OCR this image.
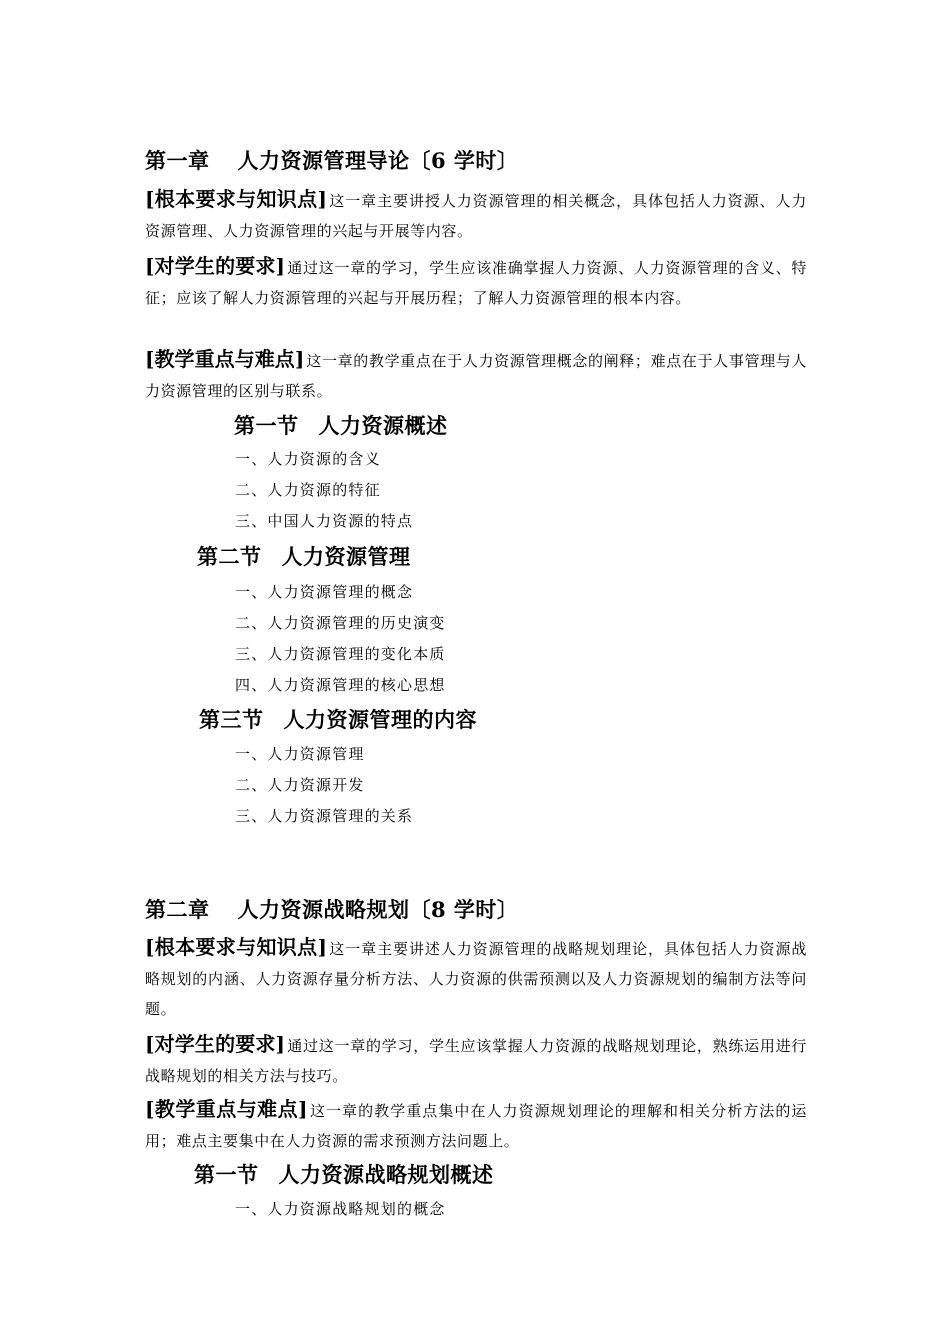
第一章 人力资源管理导论〔6 学时〕
[根本要求与知识点] 这一章主要讲授人力资源管理的相关概念，具体包括人力资源、人力资源管理、人力资源管理的兴起与开展等内容。
[对学生的要求] 通过这一章的学习，学生应该准确掌握人力资源、人力资源管理的含义、特征；应该了解人力资源管理的兴起与开展历程；了解人力资源管理的根本内容。
[教学重点与难点] 这一章的教学重点在于人力资源管理概念的阐释；难点在于人事管理与人力资源管理的区别与联系。
第一节 人力资源概述
一、人力资源的含义
二、人力资源的特征
三、中国人力资源的特点
第二节 人力资源管理
一、人力资源管理的概念
二、人力资源管理的历史演变
三、人力资源管理的变化本质
四、人力资源管理的核心思想
第三节 人力资源管理的内容
一、人力资源管理
二、人力资源开发
三、人力资源管理的关系
第二章 人力资源战略规划〔8 学时〕
[根本要求与知识点] 这一章主要讲述人力资源管理的战略规划理论，具体包括人力资源战略规划的内涵、人力资源存量分析方法、人力资源的供需预测以及人力资源规划的编制方法等问题。
[对学生的要求] 通过这一章的学习，学生应该掌握人力资源的战略规划理论，熟练运用进行战略规划的相关方法与技巧。
[教学重点与难点] 这一章的教学重点集中在人力资源规划理论的理解和相关分析方法的运用；难点主要集中在人力资源的需求预测方法问题上。
第一节 人力资源战略规划概述
一、人力资源战略规划的概念
